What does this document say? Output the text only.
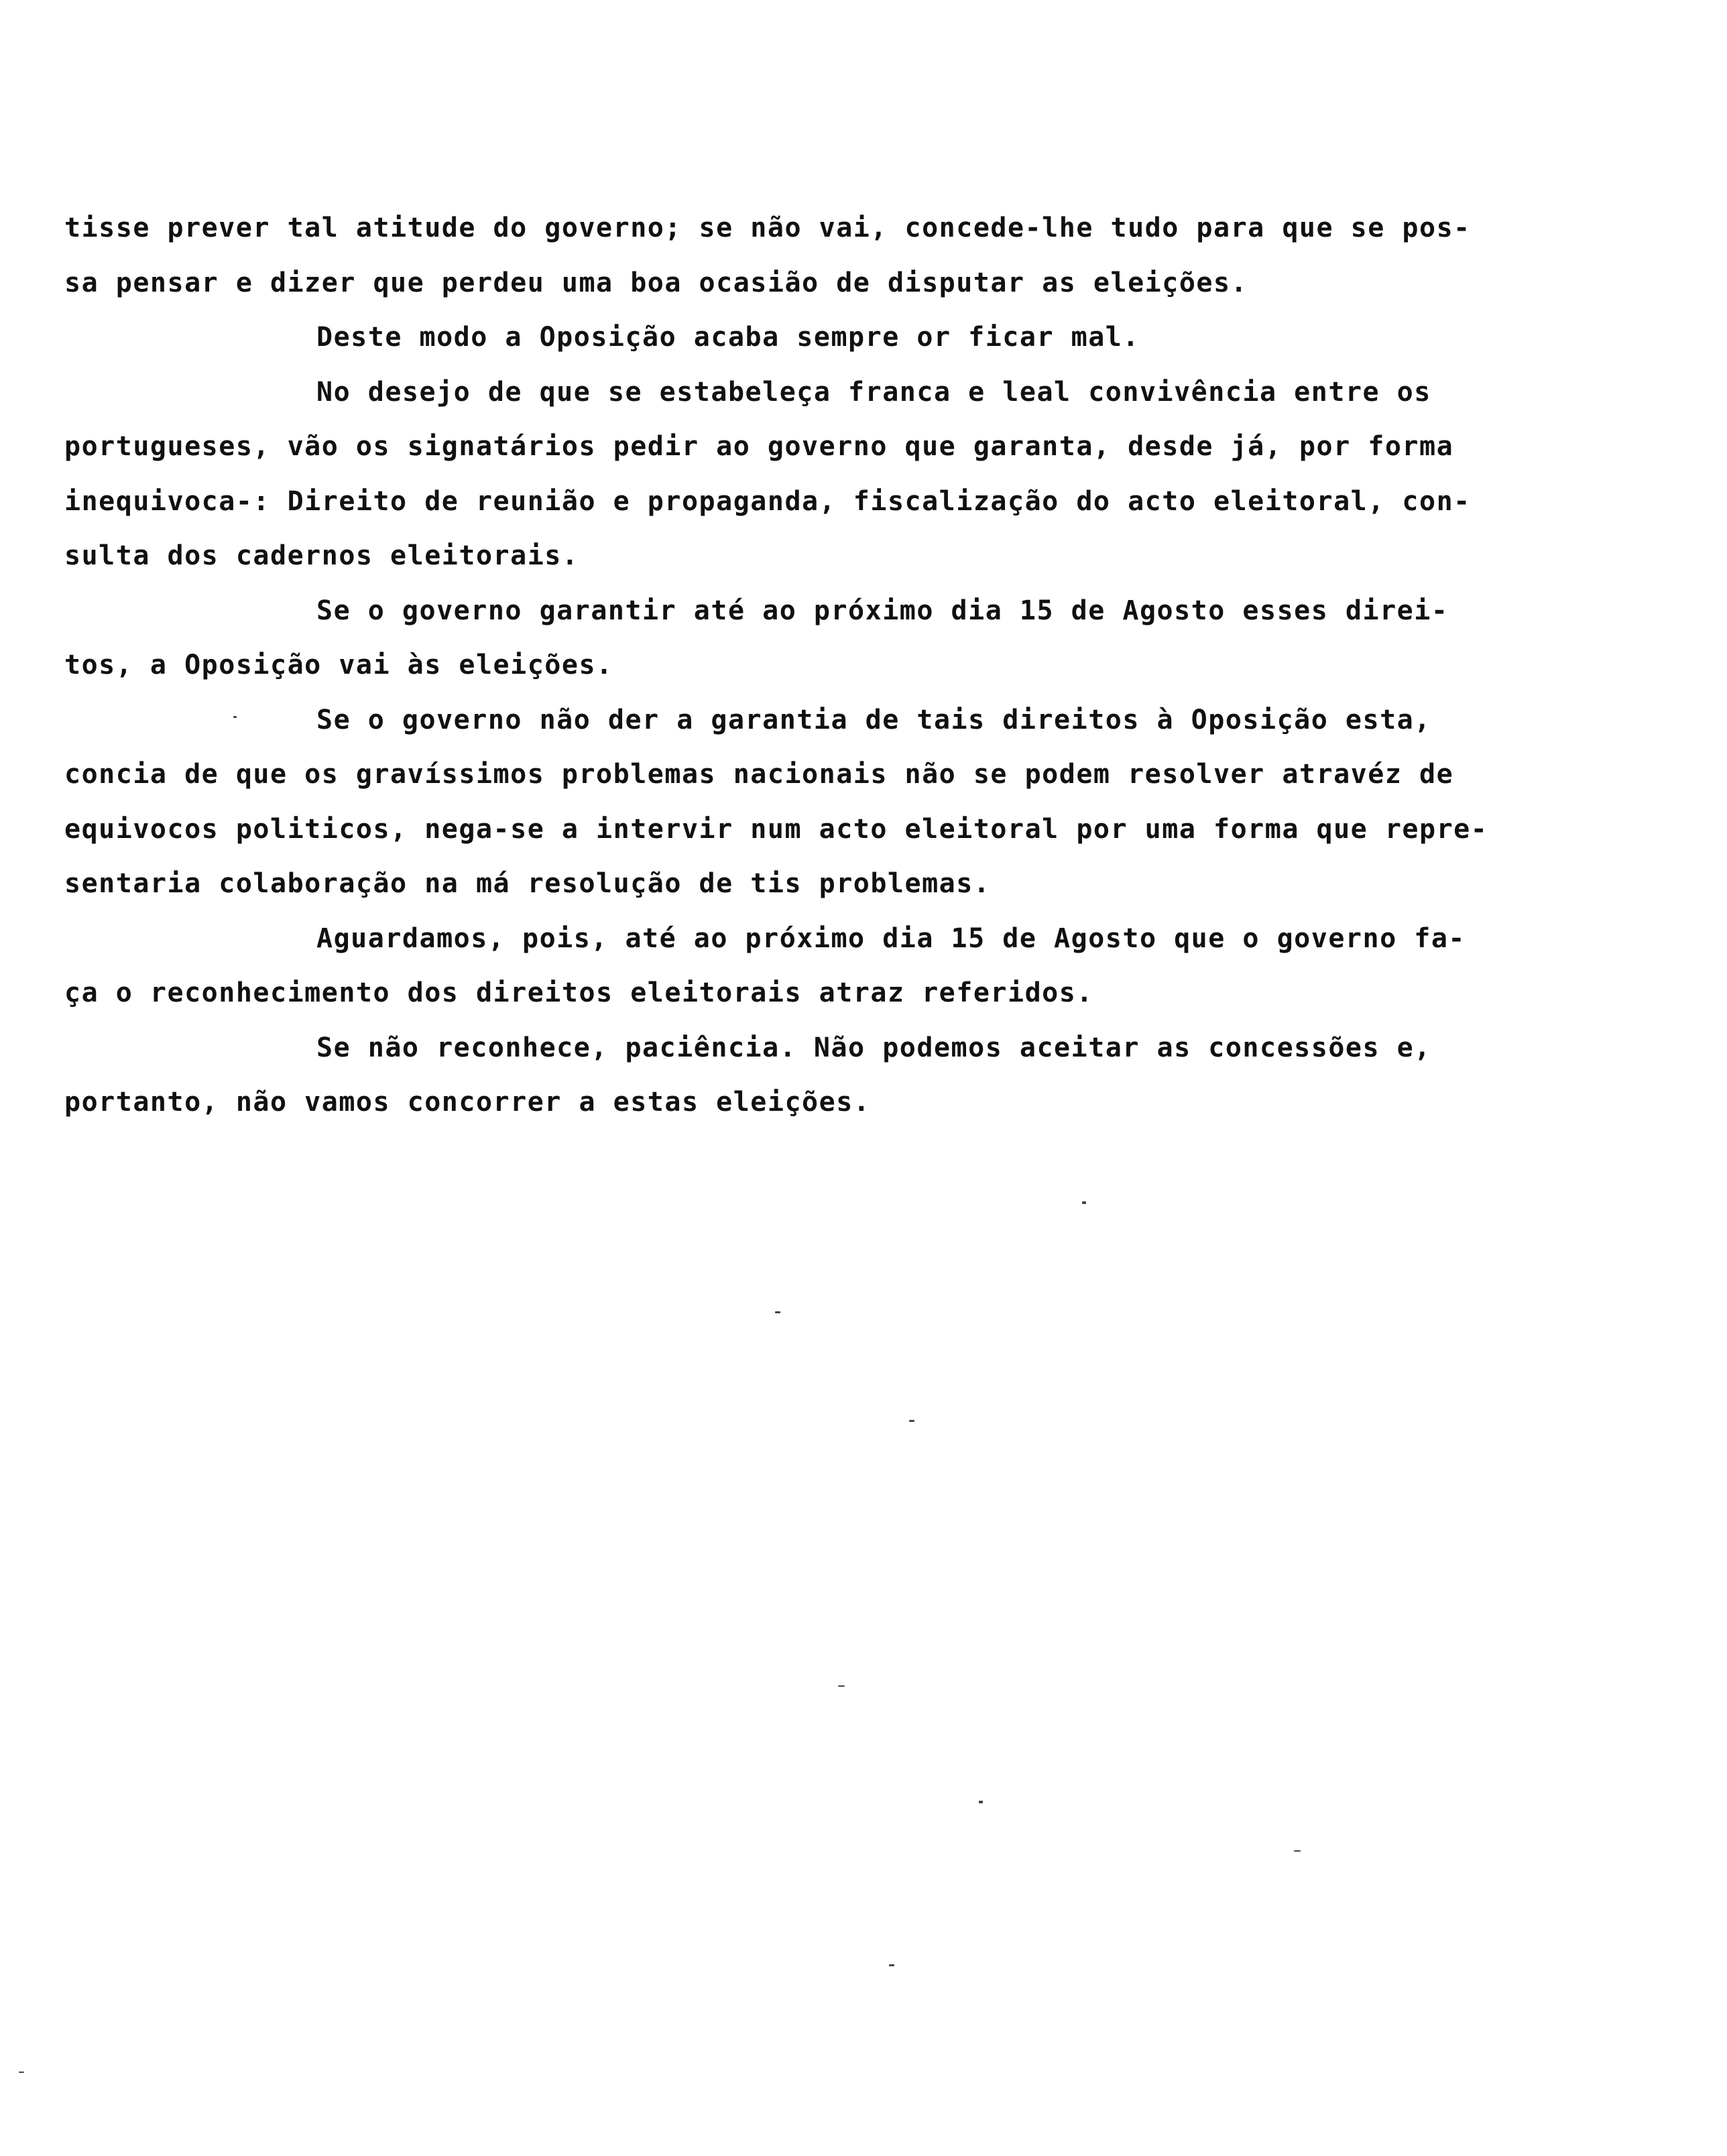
tisse prever tal atitude do governo; se não vai, concede-lhe tudo para que se pos-
sa pensar e dizer que perdeu uma boa ocasião de disputar as eleições.
Deste modo a Oposição acaba sempre or ficar mal.
No desejo de que se estabeleça franca e leal convivência entre os
portugueses, vão os signatários pedir ao governo que garanta, desde já, por forma
inequivoca-: Direito de reunião e propaganda, fiscalização do acto eleitoral, con-
sulta dos cadernos eleitorais.
Se o governo garantir até ao próximo dia 15 de Agosto esses direi-
tos, a Oposição vai às eleições.
Se o governo não der a garantia de tais direitos à Oposição esta,
concia de que os gravíssimos problemas nacionais não se podem resolver atravéz de
equivocos politicos, nega-se a intervir num acto eleitoral por uma forma que repre-
sentaria colaboração na má resolução de tis problemas.
Aguardamos, pois, até ao próximo dia 15 de Agosto que o governo fa-
ça o reconhecimento dos direitos eleitorais atraz referidos.
Se não reconhece, paciência. Não podemos aceitar as concessões e,
portanto, não vamos concorrer a estas eleições.
